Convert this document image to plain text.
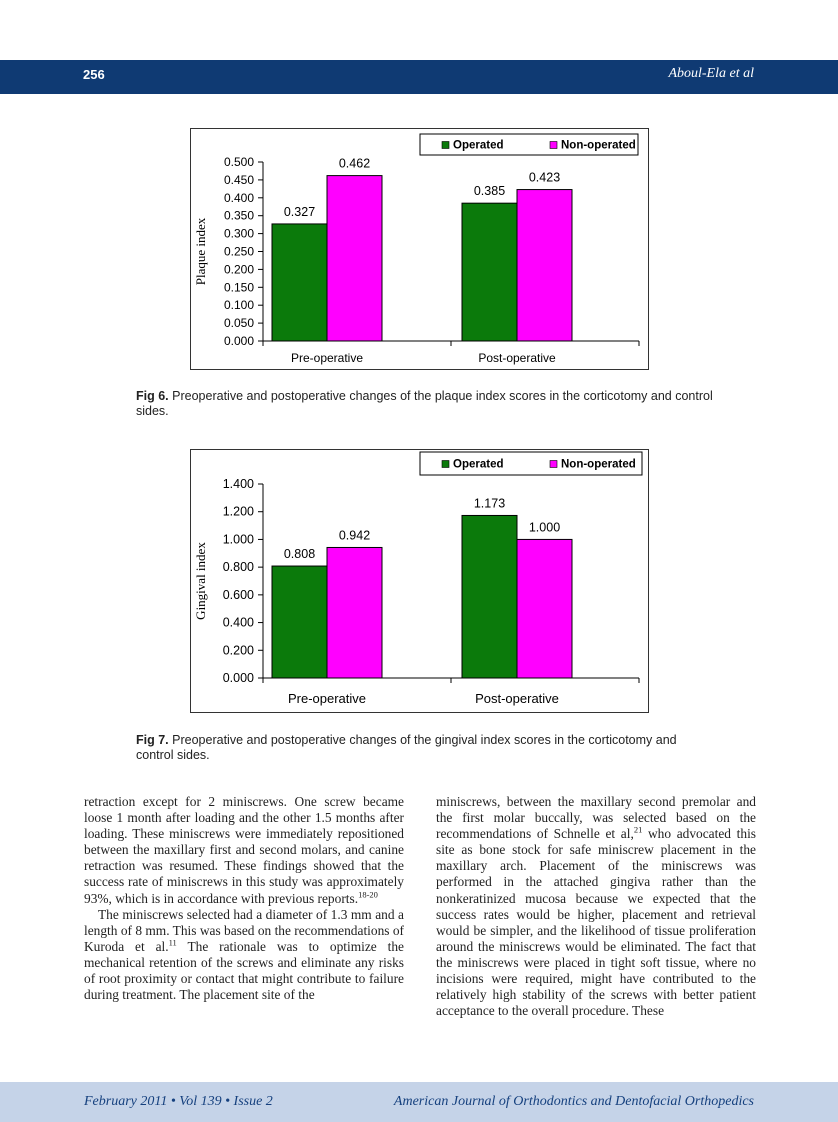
256	Aboul-Ela et al
0.000
0.050
0.100
0.150
0.200
0.250
0.300
0.350
0.400
0.450
0.500
Plaque index
0.327
0.462
Pre-operative
0.385
0.423
Post-operative
Operated	Non-operated
Fig 6. Preoperative and postoperative changes of the plaque index scores in the corticotomy and control sides.
0.000
0.200
0.400
0.600
0.800
1.000
1.200
1.400
Gingival index	0.808
0.942
Pre-operative
1.173
1.000
Post-operative
Operated	Non-operated
Fig 7. Preoperative and postoperative changes of the gingival index scores in the corticotomy and control sides.

retraction except for 2 miniscrews. One screw became loose 1 month after loading and the other 1.5 months after loading. These miniscrews were immediately repositioned between the maxillary first and second molars, and canine retraction was resumed. These findings showed that the success rate of miniscrews in this study was approximately 93%, which is in accordance with previous reports.$^{18-20}$

The miniscrews selected had a diameter of 1.3 mm and a length of 8 mm. This was based on the recommendations of Kuroda et al.$^{11}$ The rationale was to optimize the mechanical retention of the screws and eliminate any risks of root proximity or contact that might contribute to failure during treatment. The placement site of the

miniscrews, between the maxillary second premolar and the first molar buccally, was selected based on the recommendations of Schnelle et al,$^{21}$ who advocated this site as bone stock for safe miniscrew placement in the maxillary arch. Placement of the miniscrews was performed in the attached gingiva rather than the nonkeratinized mucosa because we expected that the success rates would be higher, placement and retrieval would be simpler, and the likelihood of tissue proliferation around the miniscrews would be eliminated. The fact that the miniscrews were placed in tight soft tissue, where no incisions were required, might have contributed to the relatively high stability of the screws with better patient acceptance to the overall procedure. These

February 2011 • Vol 139 • Issue 2	American Journal of Orthodontics and Dentofacial Orthopedics
